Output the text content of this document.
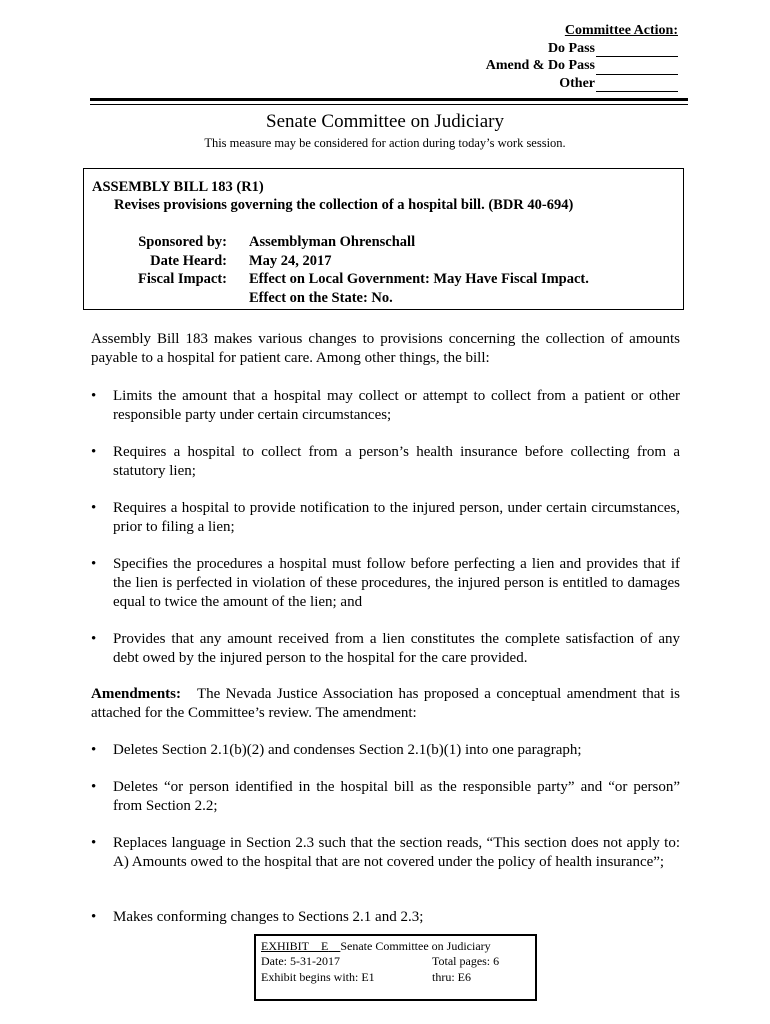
Committee Action:
Do Pass
Amend & Do Pass
Other
Senate Committee on Judiciary
This measure may be considered for action during today’s work session.
ASSEMBLY BILL 183 (R1)
Revises provisions governing the collection of a hospital bill. (BDR 40-694)
Sponsored by: Assemblyman Ohrenschall
Date Heard: May 24, 2017
Fiscal Impact: Effect on Local Government: May Have Fiscal Impact.
Effect on the State: No.
Assembly Bill 183 makes various changes to provisions concerning the collection of amounts payable to a hospital for patient care. Among other things, the bill:
• Limits the amount that a hospital may collect or attempt to collect from a patient or other responsible party under certain circumstances;
• Requires a hospital to collect from a person’s health insurance before collecting from a statutory lien;
• Requires a hospital to provide notification to the injured person, under certain circumstances, prior to filing a lien;
• Specifies the procedures a hospital must follow before perfecting a lien and provides that if the lien is perfected in violation of these procedures, the injured person is entitled to damages equal to twice the amount of the lien; and
• Provides that any amount received from a lien constitutes the complete satisfaction of any debt owed by the injured person to the hospital for the care provided.
Amendments: The Nevada Justice Association has proposed a conceptual amendment that is attached for the Committee’s review. The amendment:
• Deletes Section 2.1(b)(2) and condenses Section 2.1(b)(1) into one paragraph;
• Deletes “or person identified in the hospital bill as the responsible party” and “or person” from Section 2.2;
• Replaces language in Section 2.3 such that the section reads, “This section does not apply to: A) Amounts owed to the hospital that are not covered under the policy of health insurance”;
• Makes conforming changes to Sections 2.1 and 2.3;
EXHIBIT E Senate Committee on Judiciary
Date: 5-31-2017	Total pages: 6
Exhibit begins with: E1	thru: E6
